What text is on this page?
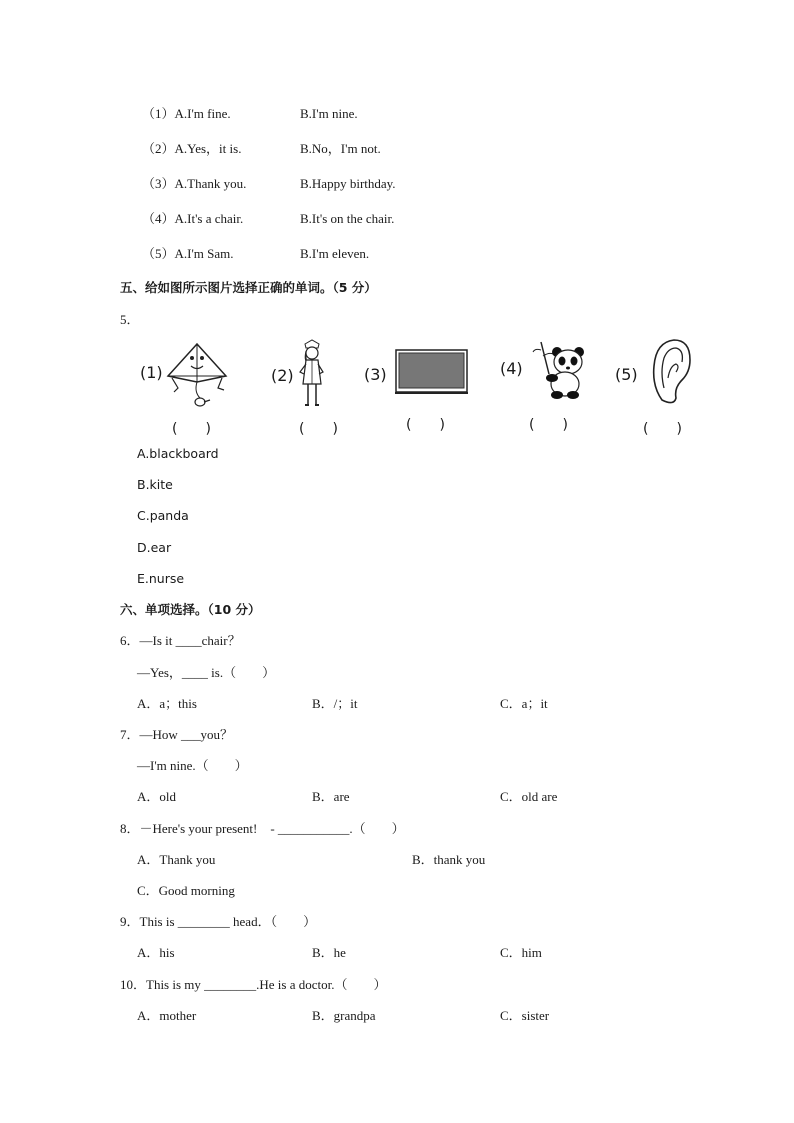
（1）A.I'm fine.	B.I'm nine.
（2）A.Yes，it is.	B.No，I'm not.
（3）A.Thank you.	B.Happy birthday.
（4）A.It's a chair.	B.It's on the chair.
（5）A.I'm Sam.	B.I'm eleven.
五、给如图所示图片选择正确的单词。（5 分）
5．
(1)	(2)	(3)	(4)	(5)
(　　)	(　　)	(　　)	(　　)	(　　)
A.blackboard
B.kite
C.panda
D.ear
E.nurse
六、单项选择。（10 分）
6．—Is it ____chair？
—Yes，____ is.（　　）
A．a；this	B．/；it	C．a；it
7．—How ___you？
—I'm nine.（　　）
A．old	B．are	C．old are
8．－Here's your present!　- ___________.（　　）
A．Thank you	B．thank you
C．Good morning
9．This is ________ head．（　　）
A．his	B．he	C．him
10．This is my ________.He is a doctor.（　　）
A．mother	B．grandpa	C．sister
